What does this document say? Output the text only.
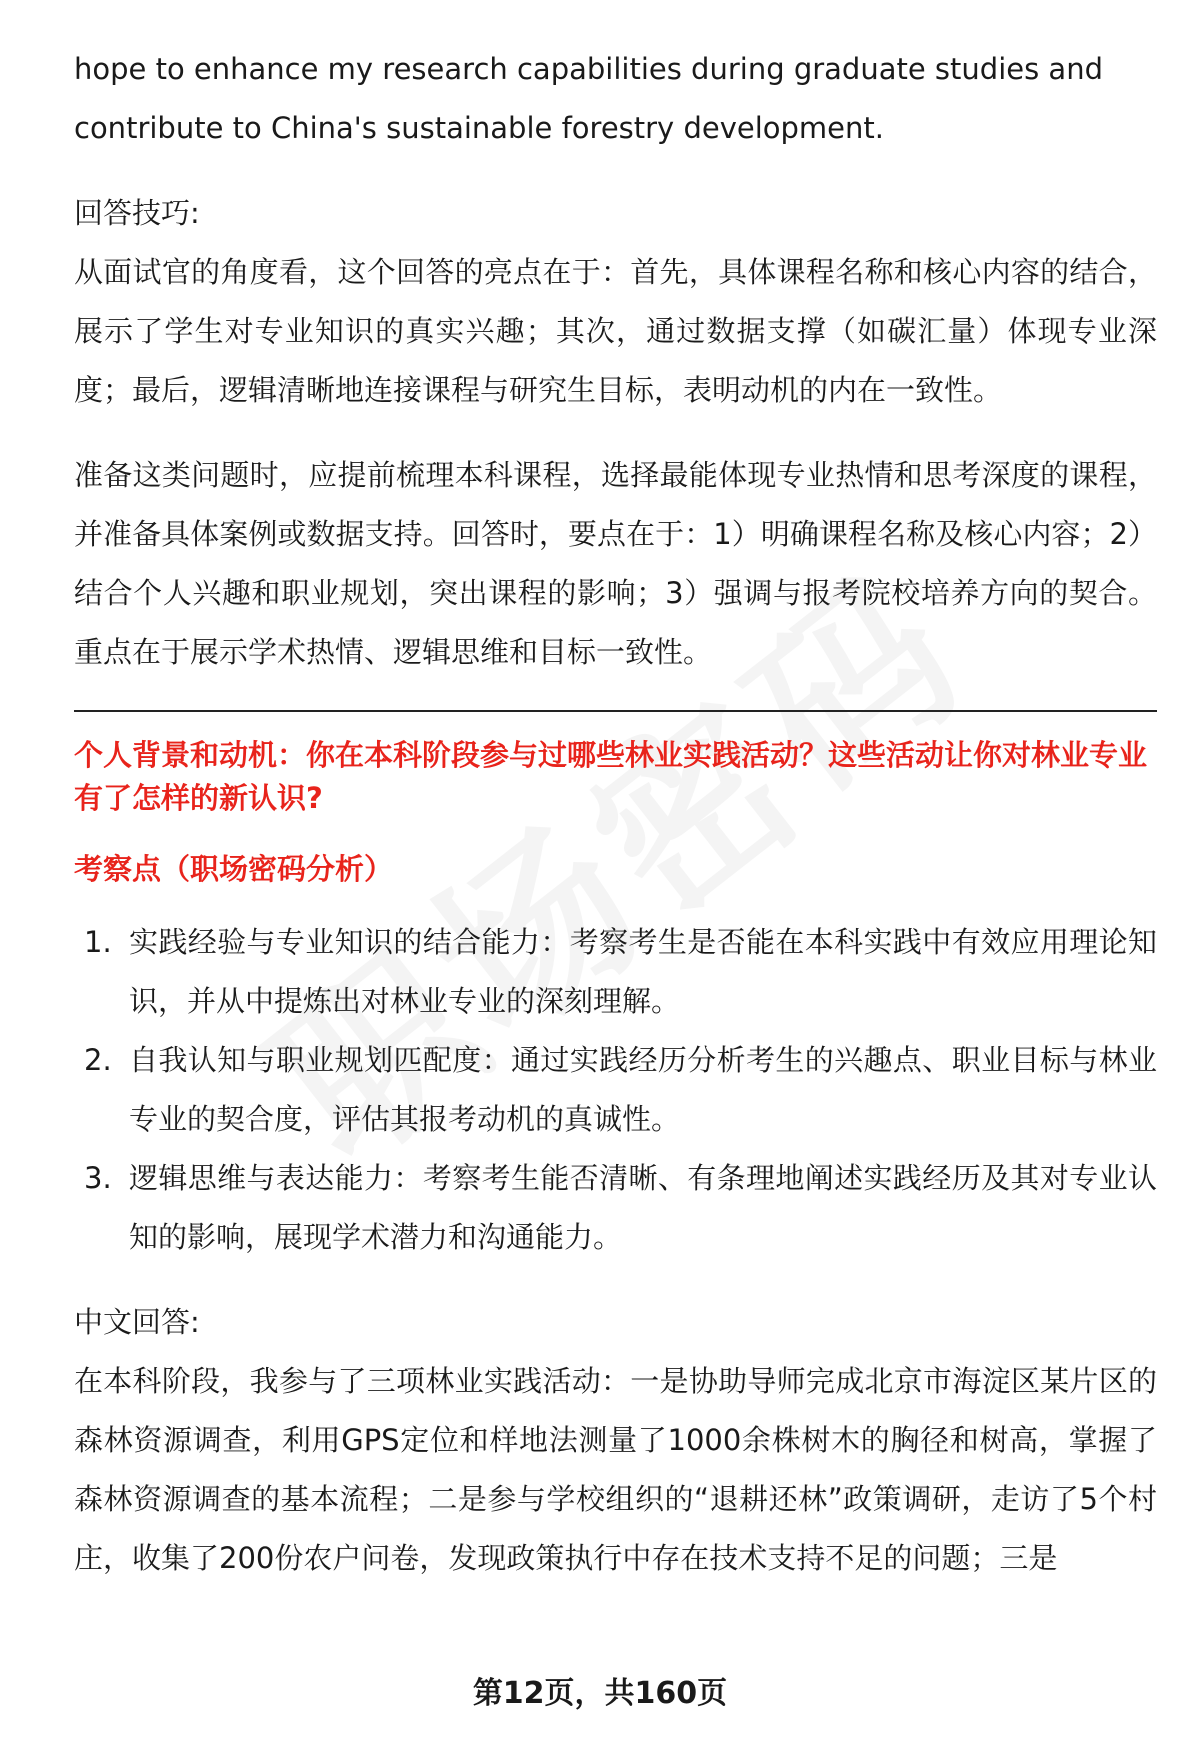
hope to enhance my research capabilities during graduate studies and

contribute to China's sustainable forestry development.

回答技巧:

从面试官的角度看，这个回答的亮点在于：首先，具体课程名称和核心内容的结合，展示了学生对专业知识的真实兴趣；其次，通过数据支撑（如碳汇量）体现专业深度；最后，逻辑清晰地连接课程与研究生目标，表明动机的内在一致性。

准备这类问题时，应提前梳理本科课程，选择最能体现专业热情和思考深度的课程，并准备具体案例或数据支持。回答时，要点在于：1）明确课程名称及核心内容；2）结合个人兴趣和职业规划，突出课程的影响；3）强调与报考院校培养方向的契合。重点在于展示学术热情、逻辑思维和目标一致性。

个人背景和动机：你在本科阶段参与过哪些林业实践活动？这些活动让你对林业专业有了怎样的新认识?

考察点（职场密码分析）

1. 实践经验与专业知识的结合能力：考察考生是否能在本科实践中有效应用理论知识，并从中提炼出对林业专业的深刻理解。
2. 自我认知与职业规划匹配度：通过实践经历分析考生的兴趣点、职业目标与林业专业的契合度，评估其报考动机的真诚性。
3. 逻辑思维与表达能力：考察考生能否清晰、有条理地阐述实践经历及其对专业认知的影响，展现学术潜力和沟通能力。

中文回答:

在本科阶段，我参与了三项林业实践活动：一是协助导师完成北京市海淀区某片区的森林资源调查，利用GPS定位和样地法测量了1000余株树木的胸径和树高，掌握了森林资源调查的基本流程；二是参与学校组织的“退耕还林”政策调研，走访了5个村庄，收集了200份农户问卷，发现政策执行中存在技术支持不足的问题；三是

第12页，共160页
